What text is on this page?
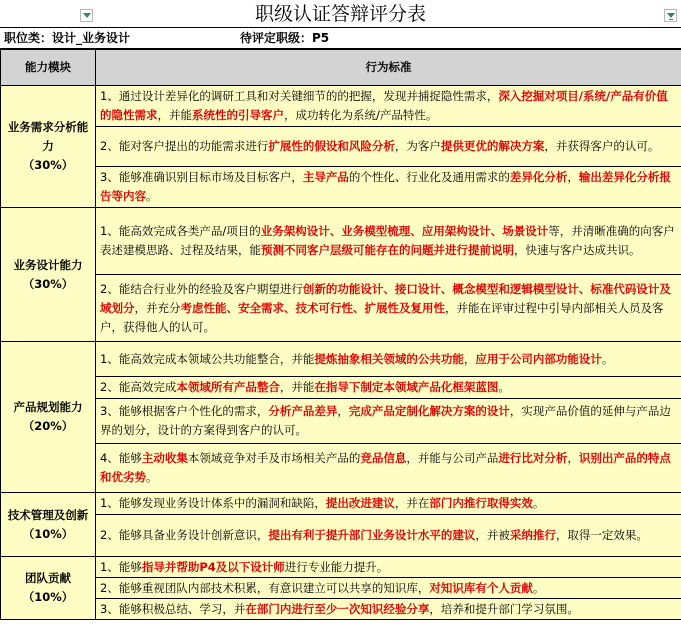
职级认证答辩评分表
职位类：设计_业务设计	待评定职级：P5
能力模块	行为标准

业务需求分析能力
（30%）	1、通过设计差异化的调研工具和对关键细节的的把握，发现并捕捉隐性需求，深入挖掘对项目/系统/产品有价值的隐性需求，并能系统性的引导客户，成功转化为系统/产品特性。
	2、能对客户提出的功能需求进行扩展性的假设和风险分析，为客户提供更优的解决方案，并获得客户的认可。
	3、能够准确识别目标市场及目标客户，主导产品的个性化、行业化及通用需求的差异化分析，输出差异化分析报告等内容。

业务设计能力
（30%）	1、能高效完成各类产品/项目的业务架构设计、业务模型梳理、应用架构设计、场景设计等，并清晰准确的向客户表述建模思路、过程及结果，能预测不同客户层级可能存在的问题并进行提前说明，快速与客户达成共识。
	2、能结合行业外的经验及客户期望进行创新的功能设计、接口设计、概念模型和逻辑模型设计、标准代码设计及域划分，并充分考虑性能、安全需求、技术可行性、扩展性及复用性，并能在评审过程中引导内部相关人员及客户，获得他人的认可。

产品规划能力
（20%）	1、能高效完成本领域公共功能整合，并能提炼抽象相关领域的公共功能，应用于公司内部功能设计。
	2、能高效完成本领域所有产品整合，并能在指导下制定本领域产品化框架蓝图。
	3、能够根据客户个性化的需求，分析产品差异，完成产品定制化解决方案的设计，实现产品价值的延伸与产品边界的划分，设计的方案得到客户的认可。
	4、能够主动收集本领域竞争对手及市场相关产品的竞品信息，并能与公司产品进行比对分析，识别出产品的特点和优劣势。

技术管理及创新
（10%）	1、能够发现业务设计体系中的漏洞和缺陷，提出改进建议，并在部门内推行取得实效。
	2、能够具备业务设计创新意识，提出有利于提升部门业务设计水平的建议，并被采纳推行，取得一定效果。

团队贡献
（10%）	1、能够指导并帮助P4及以下设计师进行专业能力提升。
	2、能够重视团队内部技术积累，有意识建立可以共享的知识库，对知识库有个人贡献。
	3、能够积极总结、学习，并在部门内进行至少一次知识经验分享，培养和提升部门学习氛围。
